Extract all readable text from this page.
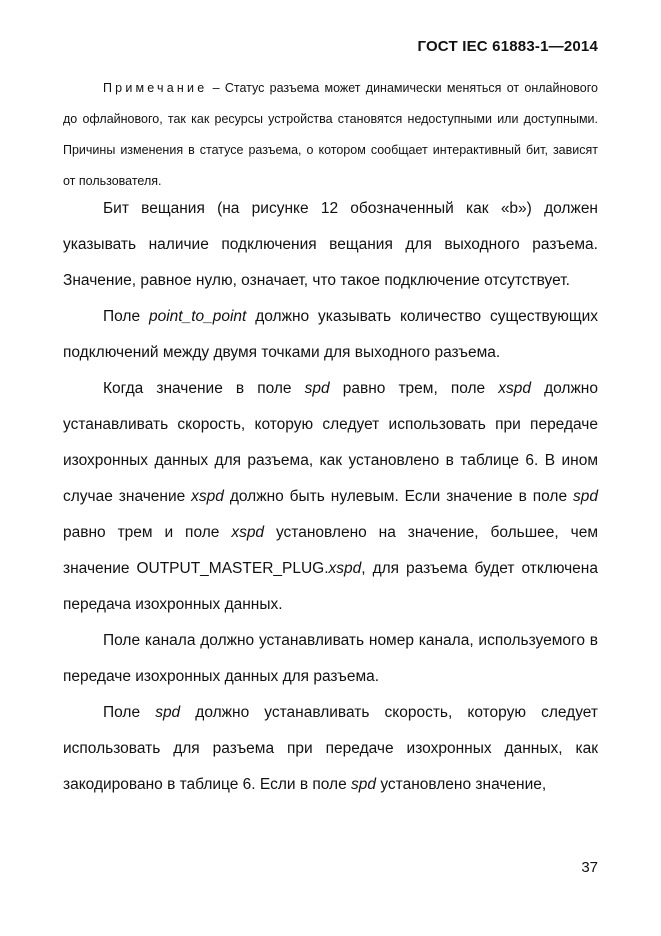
ГОСТ IEC 61883-1—2014

Примечание – Статус разъема может динамически меняться от онлайнового до офлайнового, так как ресурсы устройства становятся недоступными или доступными. Причины изменения в статусе разъема, о котором сообщает интерактивный бит, зависят от пользователя.

Бит вещания (на рисунке 12 обозначенный как «b») должен указывать наличие подключения вещания для выходного разъема. Значение, равное нулю, означает, что такое подключение отсутствует.

Поле point_to_point должно указывать количество существующих подключений между двумя точками для выходного разъема.

Когда значение в поле spd равно трем, поле xspd должно устанавливать скорость, которую следует использовать при передаче изохронных данных для разъема, как установлено в таблице 6. В ином случае значение xspd должно быть нулевым. Если значение в поле spd равно трем и поле xspd установлено на значение, большее, чем значение OUTPUT_MASTER_PLUG.xspd, для разъема будет отключена передача изохронных данных.

Поле канала должно устанавливать номер канала, используемого в передаче изохронных данных для разъема.

Поле spd должно устанавливать скорость, которую следует использовать для разъема при передаче изохронных данных, как закодировано в таблице 6. Если в поле spd установлено значение,

37
